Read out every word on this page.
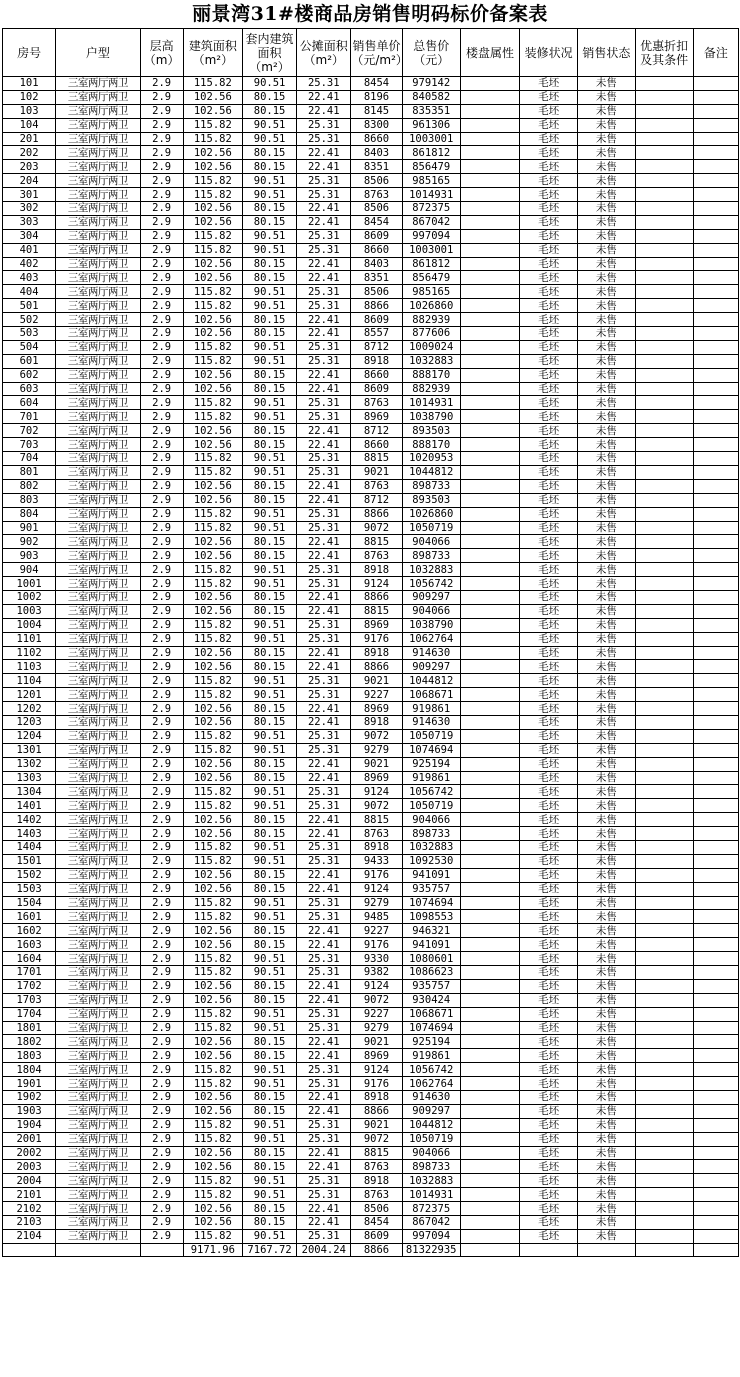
丽景湾31#楼商品房销售明码标价备案表
房号	户型	层高（m）	建筑面积（m²）	套内建筑面积（m²）	公摊面积（m²）	销售单价（元/m²）	总售价（元）	楼盘属性	装修状况	销售状态	优惠折扣及其条件	备注
101	三室两厅两卫	2.9	115.82	90.51	25.31	8454	979142		毛坯	未售		
102	三室两厅两卫	2.9	102.56	80.15	22.41	8196	840582		毛坯	未售		
103	三室两厅两卫	2.9	102.56	80.15	22.41	8145	835351		毛坯	未售		
104	三室两厅两卫	2.9	115.82	90.51	25.31	8300	961306		毛坯	未售		
201	三室两厅两卫	2.9	115.82	90.51	25.31	8660	1003001		毛坯	未售		
202	三室两厅两卫	2.9	102.56	80.15	22.41	8403	861812		毛坯	未售		
203	三室两厅两卫	2.9	102.56	80.15	22.41	8351	856479		毛坯	未售		
204	三室两厅两卫	2.9	115.82	90.51	25.31	8506	985165		毛坯	未售		
301	三室两厅两卫	2.9	115.82	90.51	25.31	8763	1014931		毛坯	未售		
302	三室两厅两卫	2.9	102.56	80.15	22.41	8506	872375		毛坯	未售		
303	三室两厅两卫	2.9	102.56	80.15	22.41	8454	867042		毛坯	未售		
304	三室两厅两卫	2.9	115.82	90.51	25.31	8609	997094		毛坯	未售		
401	三室两厅两卫	2.9	115.82	90.51	25.31	8660	1003001		毛坯	未售		
402	三室两厅两卫	2.9	102.56	80.15	22.41	8403	861812		毛坯	未售		
403	三室两厅两卫	2.9	102.56	80.15	22.41	8351	856479		毛坯	未售		
404	三室两厅两卫	2.9	115.82	90.51	25.31	8506	985165		毛坯	未售		
501	三室两厅两卫	2.9	115.82	90.51	25.31	8866	1026860		毛坯	未售		
502	三室两厅两卫	2.9	102.56	80.15	22.41	8609	882939		毛坯	未售		
503	三室两厅两卫	2.9	102.56	80.15	22.41	8557	877606		毛坯	未售		
504	三室两厅两卫	2.9	115.82	90.51	25.31	8712	1009024		毛坯	未售		
601	三室两厅两卫	2.9	115.82	90.51	25.31	8918	1032883		毛坯	未售		
602	三室两厅两卫	2.9	102.56	80.15	22.41	8660	888170		毛坯	未售		
603	三室两厅两卫	2.9	102.56	80.15	22.41	8609	882939		毛坯	未售		
604	三室两厅两卫	2.9	115.82	90.51	25.31	8763	1014931		毛坯	未售		
701	三室两厅两卫	2.9	115.82	90.51	25.31	8969	1038790		毛坯	未售		
702	三室两厅两卫	2.9	102.56	80.15	22.41	8712	893503		毛坯	未售		
703	三室两厅两卫	2.9	102.56	80.15	22.41	8660	888170		毛坯	未售		
704	三室两厅两卫	2.9	115.82	90.51	25.31	8815	1020953		毛坯	未售		
801	三室两厅两卫	2.9	115.82	90.51	25.31	9021	1044812		毛坯	未售		
802	三室两厅两卫	2.9	102.56	80.15	22.41	8763	898733		毛坯	未售		
803	三室两厅两卫	2.9	102.56	80.15	22.41	8712	893503		毛坯	未售		
804	三室两厅两卫	2.9	115.82	90.51	25.31	8866	1026860		毛坯	未售		
901	三室两厅两卫	2.9	115.82	90.51	25.31	9072	1050719		毛坯	未售		
902	三室两厅两卫	2.9	102.56	80.15	22.41	8815	904066		毛坯	未售		
903	三室两厅两卫	2.9	102.56	80.15	22.41	8763	898733		毛坯	未售		
904	三室两厅两卫	2.9	115.82	90.51	25.31	8918	1032883		毛坯	未售		
1001	三室两厅两卫	2.9	115.82	90.51	25.31	9124	1056742		毛坯	未售		
1002	三室两厅两卫	2.9	102.56	80.15	22.41	8866	909297		毛坯	未售		
1003	三室两厅两卫	2.9	102.56	80.15	22.41	8815	904066		毛坯	未售		
1004	三室两厅两卫	2.9	115.82	90.51	25.31	8969	1038790		毛坯	未售		
1101	三室两厅两卫	2.9	115.82	90.51	25.31	9176	1062764		毛坯	未售		
1102	三室两厅两卫	2.9	102.56	80.15	22.41	8918	914630		毛坯	未售		
1103	三室两厅两卫	2.9	102.56	80.15	22.41	8866	909297		毛坯	未售		
1104	三室两厅两卫	2.9	115.82	90.51	25.31	9021	1044812		毛坯	未售		
1201	三室两厅两卫	2.9	115.82	90.51	25.31	9227	1068671		毛坯	未售		
1202	三室两厅两卫	2.9	102.56	80.15	22.41	8969	919861		毛坯	未售		
1203	三室两厅两卫	2.9	102.56	80.15	22.41	8918	914630		毛坯	未售		
1204	三室两厅两卫	2.9	115.82	90.51	25.31	9072	1050719		毛坯	未售		
1301	三室两厅两卫	2.9	115.82	90.51	25.31	9279	1074694		毛坯	未售		
1302	三室两厅两卫	2.9	102.56	80.15	22.41	9021	925194		毛坯	未售		
1303	三室两厅两卫	2.9	102.56	80.15	22.41	8969	919861		毛坯	未售		
1304	三室两厅两卫	2.9	115.82	90.51	25.31	9124	1056742		毛坯	未售		
1401	三室两厅两卫	2.9	115.82	90.51	25.31	9072	1050719		毛坯	未售		
1402	三室两厅两卫	2.9	102.56	80.15	22.41	8815	904066		毛坯	未售		
1403	三室两厅两卫	2.9	102.56	80.15	22.41	8763	898733		毛坯	未售		
1404	三室两厅两卫	2.9	115.82	90.51	25.31	8918	1032883		毛坯	未售		
1501	三室两厅两卫	2.9	115.82	90.51	25.31	9433	1092530		毛坯	未售		
1502	三室两厅两卫	2.9	102.56	80.15	22.41	9176	941091		毛坯	未售		
1503	三室两厅两卫	2.9	102.56	80.15	22.41	9124	935757		毛坯	未售		
1504	三室两厅两卫	2.9	115.82	90.51	25.31	9279	1074694		毛坯	未售		
1601	三室两厅两卫	2.9	115.82	90.51	25.31	9485	1098553		毛坯	未售		
1602	三室两厅两卫	2.9	102.56	80.15	22.41	9227	946321		毛坯	未售		
1603	三室两厅两卫	2.9	102.56	80.15	22.41	9176	941091		毛坯	未售		
1604	三室两厅两卫	2.9	115.82	90.51	25.31	9330	1080601		毛坯	未售		
1701	三室两厅两卫	2.9	115.82	90.51	25.31	9382	1086623		毛坯	未售		
1702	三室两厅两卫	2.9	102.56	80.15	22.41	9124	935757		毛坯	未售		
1703	三室两厅两卫	2.9	102.56	80.15	22.41	9072	930424		毛坯	未售		
1704	三室两厅两卫	2.9	115.82	90.51	25.31	9227	1068671		毛坯	未售		
1801	三室两厅两卫	2.9	115.82	90.51	25.31	9279	1074694		毛坯	未售		
1802	三室两厅两卫	2.9	102.56	80.15	22.41	9021	925194		毛坯	未售		
1803	三室两厅两卫	2.9	102.56	80.15	22.41	8969	919861		毛坯	未售		
1804	三室两厅两卫	2.9	115.82	90.51	25.31	9124	1056742		毛坯	未售		
1901	三室两厅两卫	2.9	115.82	90.51	25.31	9176	1062764		毛坯	未售		
1902	三室两厅两卫	2.9	102.56	80.15	22.41	8918	914630		毛坯	未售		
1903	三室两厅两卫	2.9	102.56	80.15	22.41	8866	909297		毛坯	未售		
1904	三室两厅两卫	2.9	115.82	90.51	25.31	9021	1044812		毛坯	未售		
2001	三室两厅两卫	2.9	115.82	90.51	25.31	9072	1050719		毛坯	未售		
2002	三室两厅两卫	2.9	102.56	80.15	22.41	8815	904066		毛坯	未售		
2003	三室两厅两卫	2.9	102.56	80.15	22.41	8763	898733		毛坯	未售		
2004	三室两厅两卫	2.9	115.82	90.51	25.31	8918	1032883		毛坯	未售		
2101	三室两厅两卫	2.9	115.82	90.51	25.31	8763	1014931		毛坯	未售		
2102	三室两厅两卫	2.9	102.56	80.15	22.41	8506	872375		毛坯	未售		
2103	三室两厅两卫	2.9	102.56	80.15	22.41	8454	867042		毛坯	未售		
2104	三室两厅两卫	2.9	115.82	90.51	25.31	8609	997094		毛坯	未售		
			9171.96	7167.72	2004.24	8866	81322935					
